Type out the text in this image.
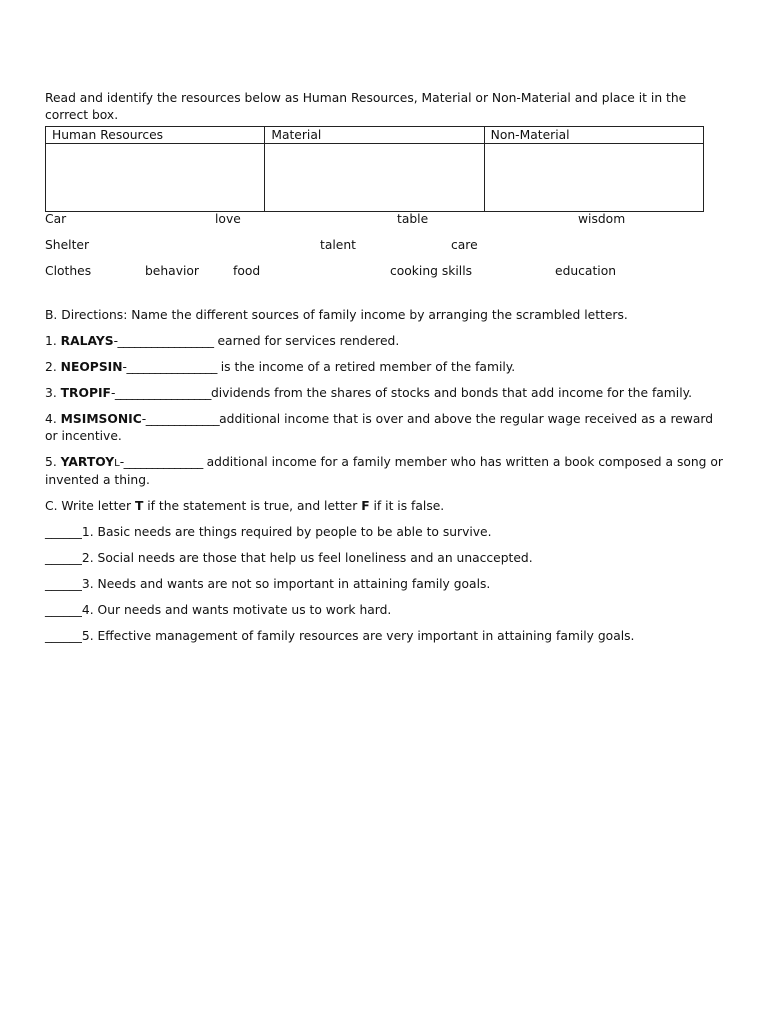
Read and identify the resources below as Human Resources, Material or Non-Material and place it in the correct box.

Human Resources	Material	Non-Material

Car	love	table	wisdom
Shelter	talent	care
Clothes	behavior	food	cooking skills	education
B. Directions: Name the different sources of family income by arranging the scrambled letters.
1. RALAYS-_________________ earned for services rendered.
2. NEOPSIN-________________ is the income of a retired member of the family.
3. TROPIF-_________________dividends from the shares of stocks and bonds that add income for the family.
4. MSIMSONIC-_____________additional income that is over and above the regular wage received as a reward or incentive.
5. YARTOYL-______________ additional income for a family member who has written a book composed a song or invented a thing.
C. Write letter T if the statement is true, and letter F if it is false.
______1. Basic needs are things required by people to be able to survive.
______2. Social needs are those that help us feel loneliness and an unaccepted.
______3. Needs and wants are not so important in attaining family goals.
______4. Our needs and wants motivate us to work hard.
______5. Effective management of family resources are very important in attaining family goals.
